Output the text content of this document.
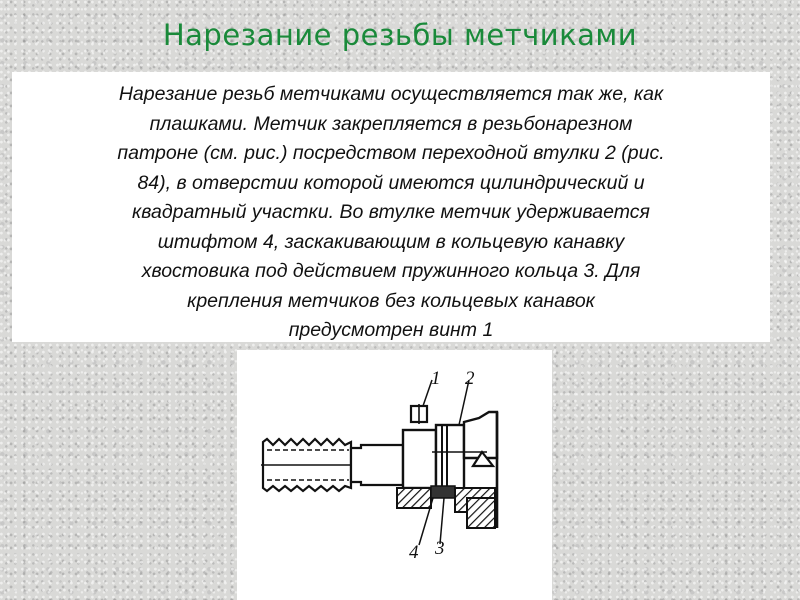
Нарезание резьбы метчиками

Нарезание резьб метчиками осуществляется так же, как
плашками. Метчик закрепляется в резьбонарезном
патроне (см. рис.) посредством переходной втулки 2 (рис.
84), в отверстии которой имеются цилиндрический и
квадратный участки. Во втулке метчик удерживается
штифтом 4, заскакивающим в кольцевую канавку
хвостовика под действием пружинного кольца 3. Для
крепления метчиков без кольцевых канавок
предусмотрен винт 1

1 2
3
4
